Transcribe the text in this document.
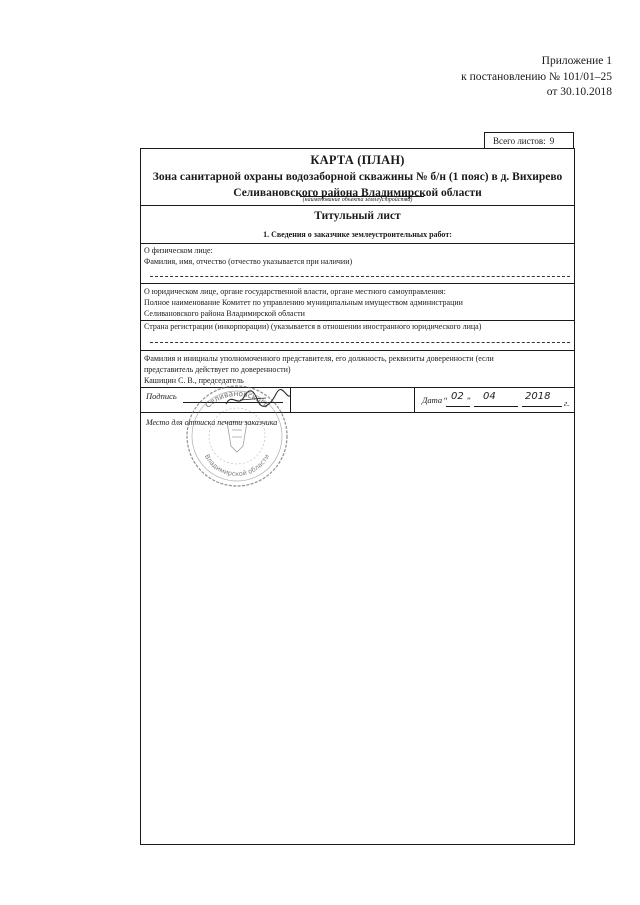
Приложение 1
к постановлению № 101/01–25
от 30.10.2018
Всего листов: 9
КАРТА (ПЛАН)
Зона санитарной охраны водозаборной скважины № б/н (1 пояс) в д. Вихирево
Селивановского района Владимирской области
(наименование объекта землеустройства)
Титульный лист
1. Сведения о заказчике землеустроительных работ:
О физическом лице:
Фамилия, имя, отчество (отчество указывается при наличии)
О юридическом лице, органе государственной власти, органе местного самоуправления:
Полное наименование Комитет по управлению муниципальным имуществом администрации
Селивановского района Владимирской области
Страна регистрации (инкорпорации) (указывается в отношении иностранного юридического лица)
Фамилия и инициалы уполномоченного представителя, его должность, реквизиты доверенности (если
представитель действует по доверенности)
Кашицин С. В., председатель
Подпись	Дата “ 02 ” 04	2018
г.
Место для оттиска печати заказчика
Селивановского
Владимирской области
